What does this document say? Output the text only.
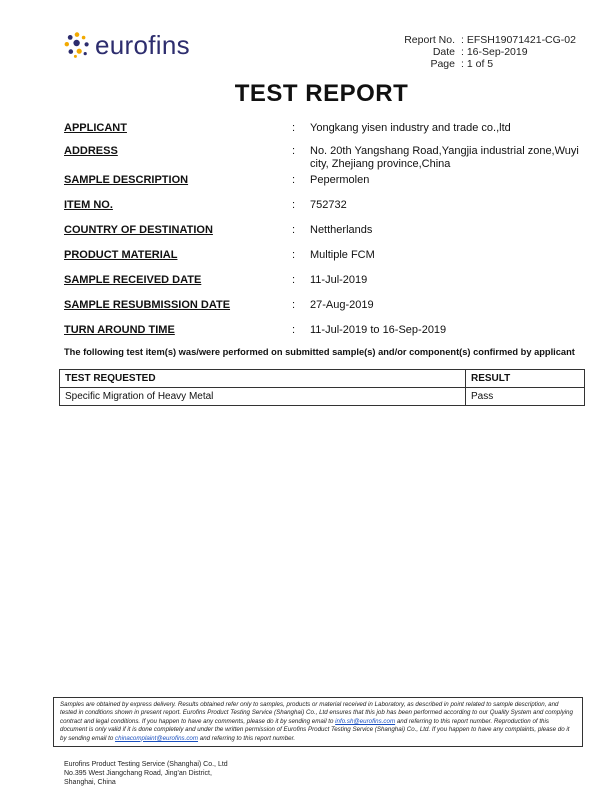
eurofins	Report No. :
EFSH19071421-CG-02
Date :
16-Sep-2019
Page :
1 of 5
TEST REPORT
APPLICANT	: Yongkang yisen industry and trade co.,ltd
ADDRESS	: No. 20th Yangshang Road,Yangjia industrial zone,Wuyi city, Zhejiang province,China
SAMPLE DESCRIPTION	: Pepermolen
ITEM NO.	: 752732
COUNTRY OF DESTINATION	: Nettherlands
PRODUCT MATERIAL	: Multiple FCM
SAMPLE RECEIVED DATE	: 11-Jul-2019
SAMPLE RESUBMISSION DATE	: 27-Aug-2019
TURN AROUND TIME	: 11-Jul-2019 to 16-Sep-2019
The following test item(s) was/were performed on submitted sample(s) and/or component(s) confirmed by applicant
TEST REQUESTED	RESULT
Specific Migration of Heavy Metal	Pass
Samples are obtained by express delivery. Results obtained refer only to samples, products or material received in Laboratory, as described in point related to sample description, and tested in conditions shown in present report. Eurofins Product Testing Service (Shanghai) Co., Ltd ensures that this job has been performed according to our Quality System and complying contract and legal conditions. If you happen to have any comments, please do it by sending email to info.sh@eurofins.com and referring to this report number. Reproduction of this document is only valid if it is done completely and under the written permission of Eurofins Product Testing Service (Shanghai) Co., Ltd. If you happen to have any complaints, please do it by sending email to chinacomplaint@eurofins.com and referring to this report number.
Eurofins Product Testing Service (Shanghai) Co., Ltd
No.395 West Jiangchang Road, Jing'an District,
Shanghai, China
